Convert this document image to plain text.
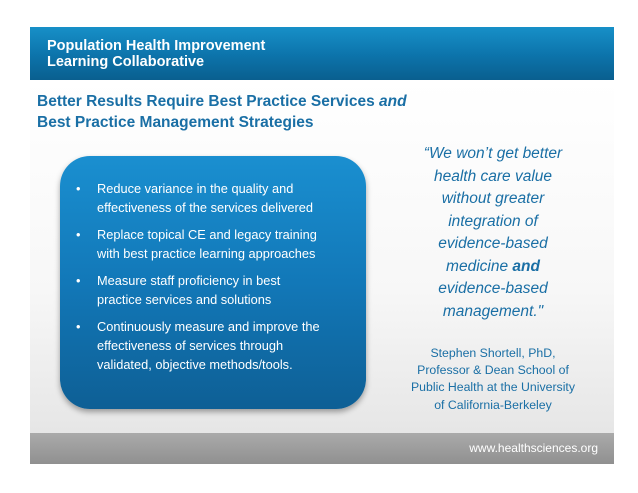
Population Health Improvement
Learning Collaborative
Better Results Require Best Practice Services and
Best Practice Management Strategies
• Reduce variance in the quality and
effectiveness of the services delivered
• Replace topical CE and legacy training
with best practice learning approaches
• Measure staff proficiency in best
practice services and solutions
• Continuously measure and improve the
effectiveness of services through
validated, objective methods/tools.
“We won’t get better
health care value
without greater
integration of
evidence-based
medicine and
evidence-based
management."
Stephen Shortell, PhD,
Professor & Dean School of
Public Health at the University
of California-Berkeley
www.healthsciences.org
